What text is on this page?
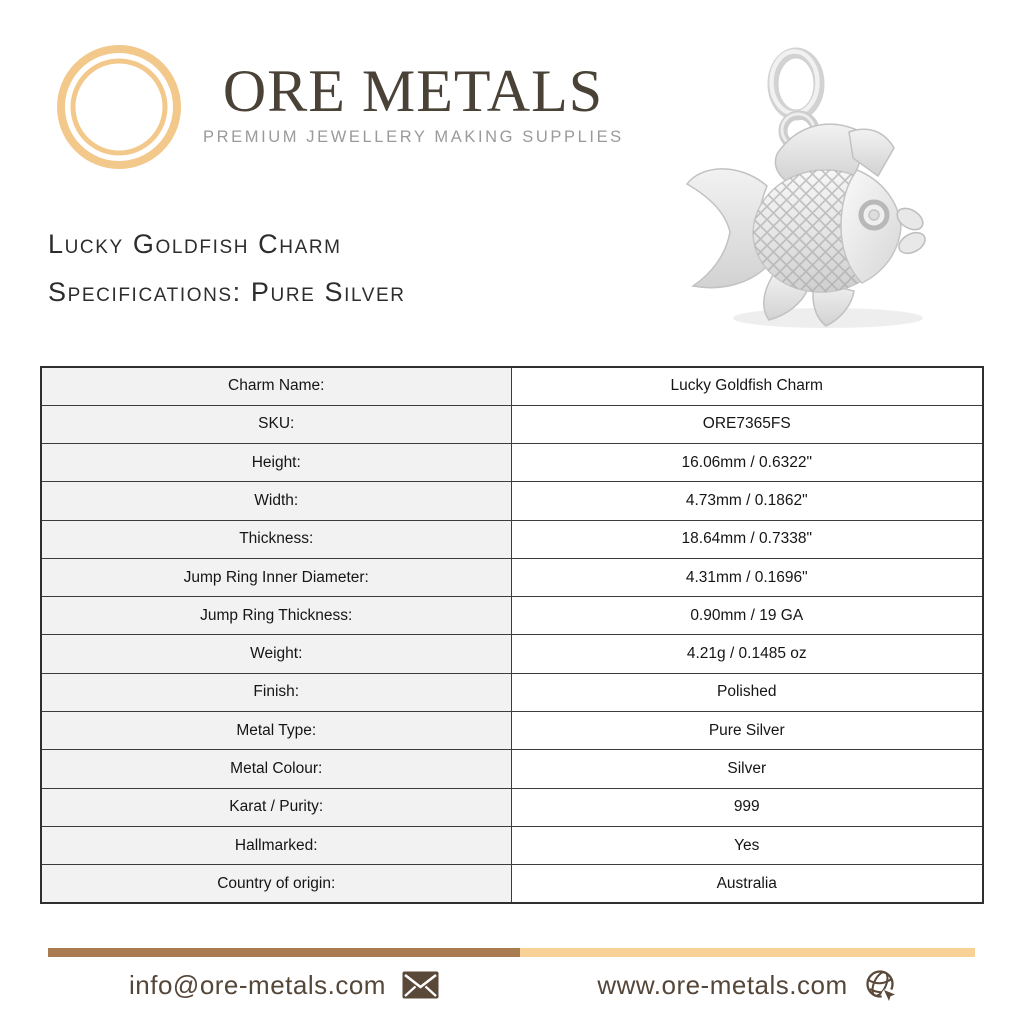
ORE METALS
PREMIUM JEWELLERY MAKING SUPPLIES
Lucky Goldfish Charm
Specifications: Pure Silver
Charm Name:	Lucky Goldfish Charm
SKU:	ORE7365FS
Height:	16.06mm / 0.6322"
Width:	4.73mm / 0.1862"
Thickness:	18.64mm / 0.7338"
Jump Ring Inner Diameter:	4.31mm / 0.1696"
Jump Ring Thickness:	0.90mm / 19 GA
Weight:	4.21g / 0.1485 oz
Finish:	Polished
Metal Type:	Pure Silver
Metal Colour:	Silver
Karat / Purity:	999
Hallmarked:	Yes
Country of origin:	Australia
info@ore-metals.com	www.ore-metals.com
